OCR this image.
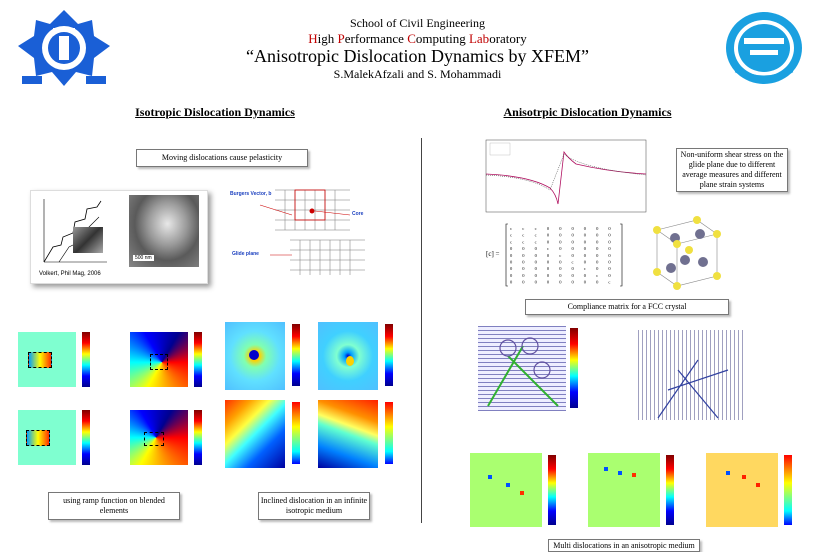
School of Civil Engineering
High Performance Computing Laboratory
“Anisotropic Dislocation Dynamics by XFEM”
S.MalekAfzali and S. Mohammadi
Isotropic Dislocation Dynamics	Anisotrpic Dislocation Dynamics
Moving dislocations cause pelasticity
500 nm
Volkert, Phil Mag, 2006
Burgers Vector, b
Core
Glide plane
using ramp function on blended elements
Inclined dislocation in an infinite isotropic medium
Non-uniform shear stress on the glide plane due to different average measures and different plane strain systems
[c] =
c c c 0 0 0 0 0 0
c c c 0 0 0 0 0 0
c c c 0 0 0 0 0 0
0 0 0 c 0 0 0 0 0
0 0 0 0 c 0 0 0 0
0 0 0 0 0 c 0 0 0
0 0 0 0 0 0 c 0 0
0 0 0 0 0 0 0 c 0
0 0 0 0 0 0 0 0 c
Compliance matrix for a FCC crystal
Multi dislocations in an anisotropic medium
